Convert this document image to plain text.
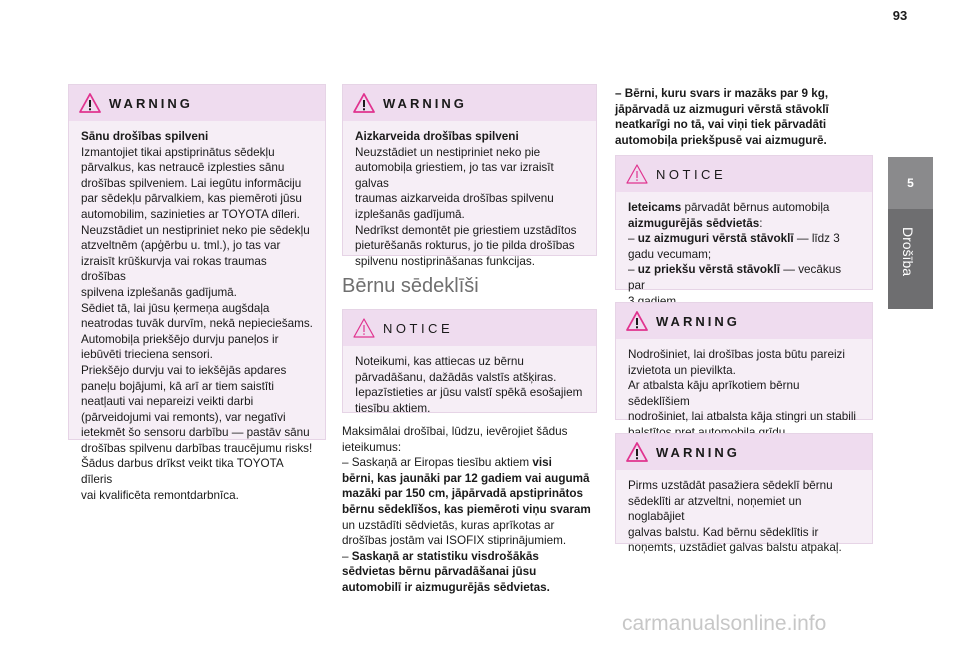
93
5
Drošība
WARNING

Sānu drošības spilveni

Izmantojiet tikai apstiprinātus sēdekļu

pārvalkus, kas netraucē izplesties sānu

drošības spilveniem. Lai iegūtu informāciju

par sēdekļu pārvalkiem, kas piemēroti jūsu

automobilim, sazinieties ar TOYOTA dīleri.

Neuzstādiet un nestipriniet neko pie sēdekļu

atzveltnēm (apģērbu u. tml.), jo tas var

izraisīt krūškurvja vai rokas traumas drošības

spilvena izplešanās gadījumā.

Sēdiet tā, lai jūsu ķermeņa augšdaļa

neatrodas tuvāk durvīm, nekā nepieciešams.

Automobiļa priekšējo durvju paneļos ir

iebūvēti trieciena sensori.

Priekšējo durvju vai to iekšējās apdares

paneļu bojājumi, kā arī ar tiem saistīti

neatļauti vai nepareizi veikti darbi

(pārveidojumi vai remonts), var negatīvi

ietekmēt šo sensoru darbību — pastāv sānu

drošības spilvenu darbības traucējumu risks!

Šādus darbus drīkst veikt tika TOYOTA dīleris

vai kvalificēta remontdarbnīca.

WARNING

Aizkarveida drošības spilveni

Neuzstādiet un nestipriniet neko pie

automobiļa griestiem, jo tas var izraisīt galvas

traumas aizkarveida drošības spilvenu

izplešanās gadījumā.

Nedrīkst demontēt pie griestiem uzstādītos

pieturēšanās rokturus, jo tie pilda drošības

spilvenu nostiprināšanas funkcijas.

Bērnu sēdeklīši
NOTICE

Noteikumi, kas attiecas uz bērnu

pārvadāšanu, dažādās valstīs atšķiras.

Iepazīstieties ar jūsu valstī spēkā esošajiem

tiesību aktiem.

Maksimālai drošībai, lūdzu, ievērojiet šādus

ieteikumus:

– Saskaņā ar Eiropas tiesību aktiem visi

bērni, kas jaunāki par 12 gadiem vai augumā

mazāki par 150 cm, jāpārvadā apstiprinātos

bērnu sēdeklīšos, kas piemēroti viņu svaram

un uzstādīti sēdvietās, kuras aprīkotas ar

drošības jostām vai ISOFIX stiprinājumiem.

– Saskaņā ar statistiku visdrošākās

sēdvietas bērnu pārvadāšanai jūsu

automobilī ir aizmugurējās sēdvietas.

– Bērni, kuru svars ir mazāks par 9 kg,

jāpārvadā uz aizmuguri vērstā stāvoklī

neatkarīgi no tā, vai viņi tiek pārvadāti

automobiļa priekšpusē vai aizmugurē.

NOTICE

Ieteicams pārvadāt bērnus automobiļa

aizmugurējās sēdvietās:

– uz aizmuguri vērstā stāvoklī — līdz 3

gadu vecumam;

– uz priekšu vērstā stāvoklī — vecākus par

WARNING

Nodrošiniet, lai drošības josta būtu pareizi

izvietota un pievilkta.

Ar atbalsta kāju aprīkotiem bērnu sēdeklīšiem

nodrošiniet, lai atbalsta kāja stingri un stabili

WARNING

Pirms uzstādāt pasažiera sēdeklī bērnu

sēdeklīti ar atzveltni, noņemiet un noglabājiet

galvas balstu. Kad bērnu sēdeklītis ir

noņemts, uzstādiet galvas balstu atpakaļ.

carmanualsonline.info
